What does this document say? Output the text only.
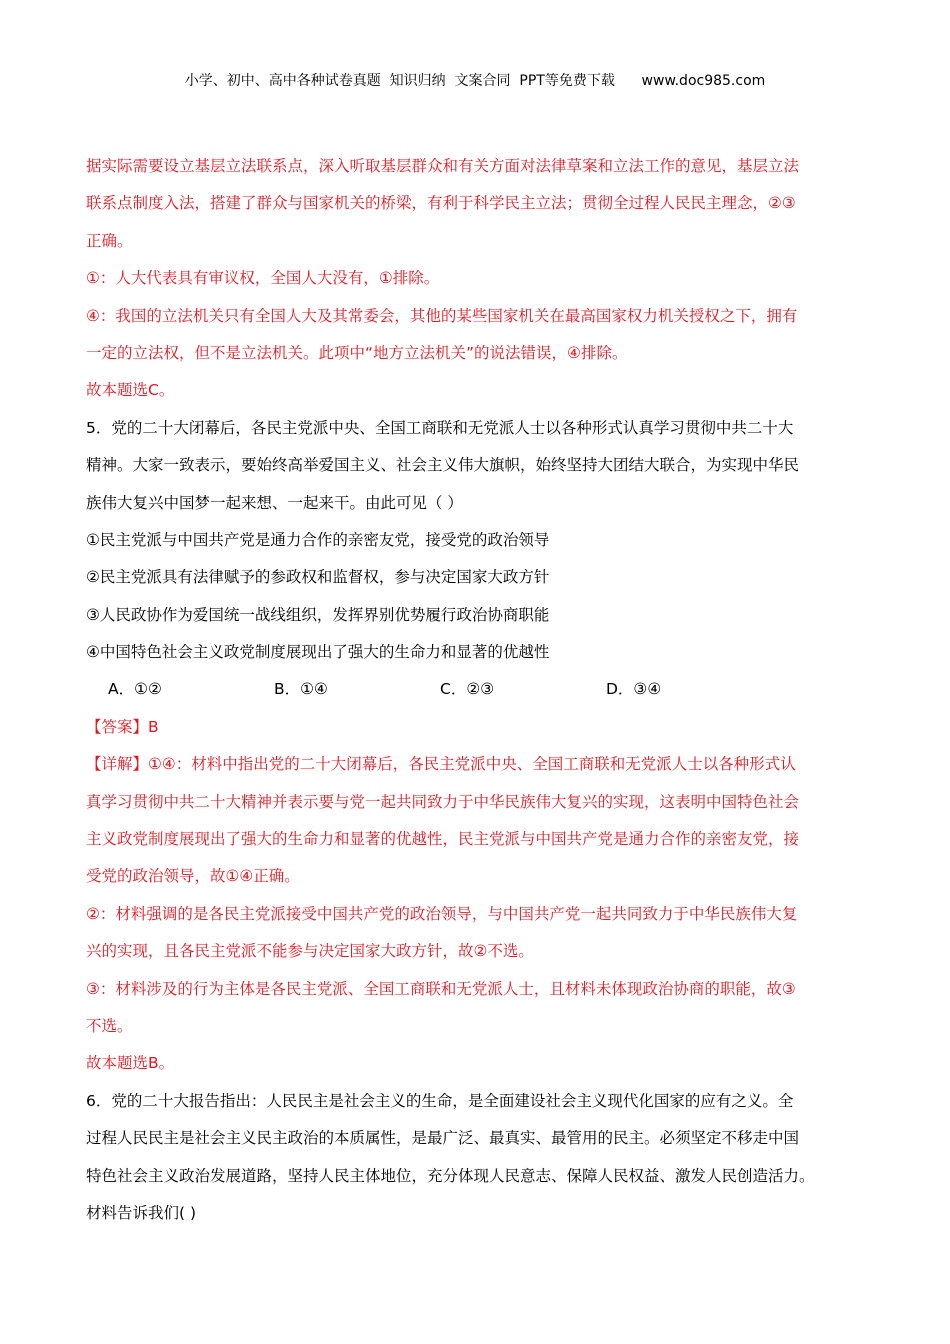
小学、初中、高中各种试卷真题  知识归纳  文案合同  PPT等免费下载      www.doc985.com
据实际需要设立基层立法联系点，深入听取基层群众和有关方面对法律草案和立法工作的意见，基层立法
联系点制度入法，搭建了群众与国家机关的桥梁，有利于科学民主立法；贯彻全过程人民民主理念，②③
正确。
①：人大代表具有审议权，全国人大没有，①排除。
④：我国的立法机关只有全国人大及其常委会，其他的某些国家机关在最高国家权力机关授权之下，拥有
一定的立法权，但不是立法机关。此项中“地方立法机关”的说法错误，④排除。
故本题选C。
5．党的二十大闭幕后，各民主党派中央、全国工商联和无党派人士以各种形式认真学习贯彻中共二十大
精神。大家一致表示，要始终高举爱国主义、社会主义伟大旗帜，始终坚持大团结大联合，为实现中华民
族伟大复兴中国梦一起来想、一起来干。由此可见（ ）
①民主党派与中国共产党是通力合作的亲密友党，接受党的政治领导
②民主党派具有法律赋予的参政权和监督权，参与决定国家大政方针
③人民政协作为爱国统一战线组织，发挥界别优势履行政治协商职能
④中国特色社会主义政党制度展现出了强大的生命力和显著的优越性
A．①②	B．①④	C．②③	D．③④
【答案】B
【详解】①④：材料中指出党的二十大闭幕后，各民主党派中央、全国工商联和无党派人士以各种形式认
真学习贯彻中共二十大精神并表示要与党一起共同致力于中华民族伟大复兴的实现，这表明中国特色社会
主义政党制度展现出了强大的生命力和显著的优越性，民主党派与中国共产党是通力合作的亲密友党，接
受党的政治领导，故①④正确。
②：材料强调的是各民主党派接受中国共产党的政治领导，与中国共产党一起共同致力于中华民族伟大复
兴的实现，且各民主党派不能参与决定国家大政方针，故②不选。
③：材料涉及的行为主体是各民主党派、全国工商联和无党派人士，且材料未体现政治协商的职能，故③
不选。
故本题选B。
6．党的二十大报告指出：人民民主是社会主义的生命，是全面建设社会主义现代化国家的应有之义。全
过程人民民主是社会主义民主政治的本质属性，是最广泛、最真实、最管用的民主。必须坚定不移走中国
特色社会主义政治发展道路，坚持人民主体地位，充分体现人民意志、保障人民权益、激发人民创造活力。
材料告诉我们( )
